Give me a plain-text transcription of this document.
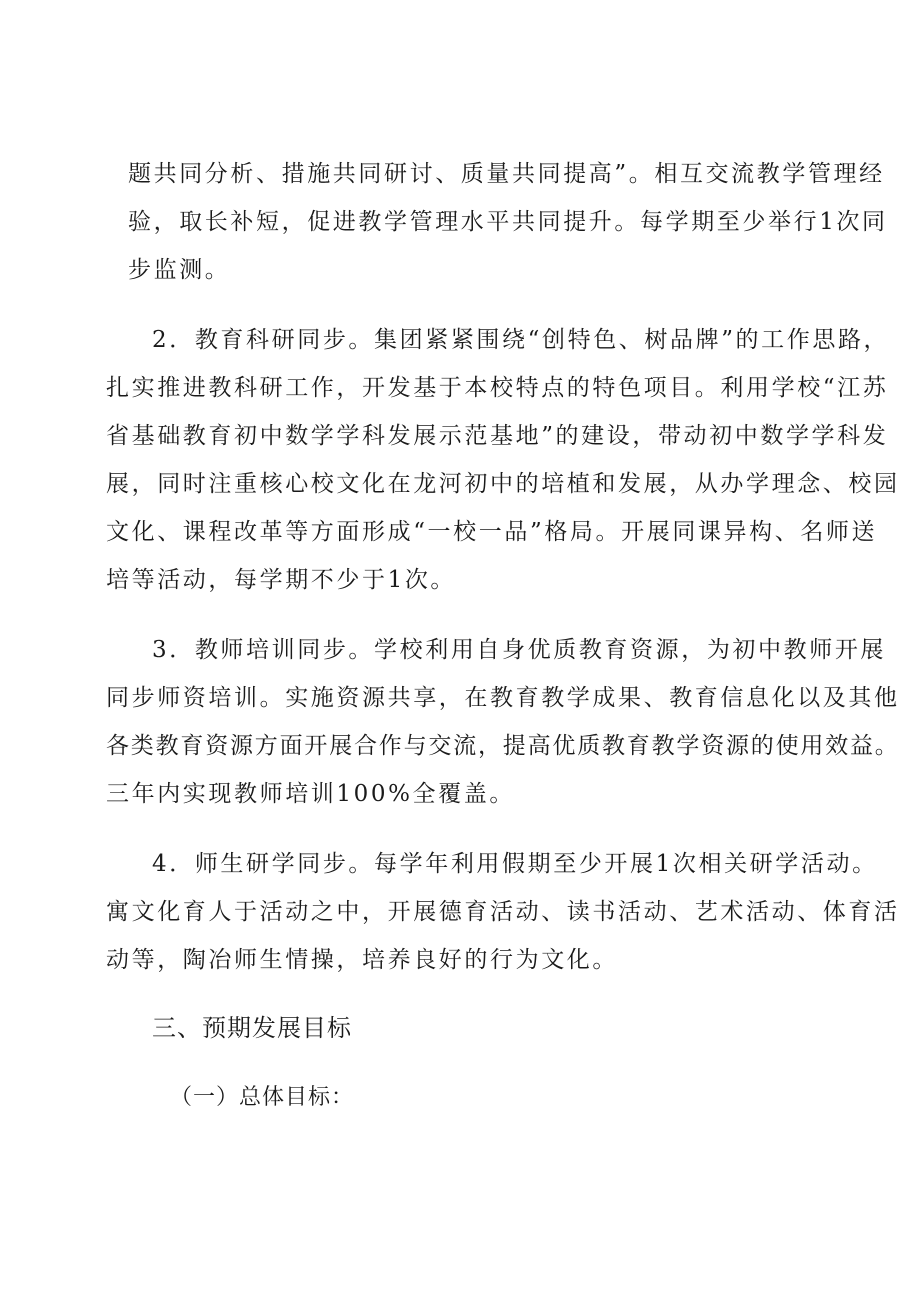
题共同分析、措施共同研讨、质量共同提高”。相互交流教学管理经
验，取长补短，促进教学管理水平共同提升。每学期至少举行1次同
步监测。
2．教育科研同步。集团紧紧围绕“创特色、树品牌”的工作思路，
扎实推进教科研工作，开发基于本校特点的特色项目。利用学校“江苏
省基础教育初中数学学科发展示范基地”的建设，带动初中数学学科发
展，同时注重核心校文化在龙河初中的培植和发展，从办学理念、校园
文化、课程改革等方面形成“一校一品”格局。开展同课异构、名师送
培等活动，每学期不少于1次。
3．教师培训同步。学校利用自身优质教育资源，为初中教师开展
同步师资培训。实施资源共享，在教育教学成果、教育信息化以及其他
各类教育资源方面开展合作与交流，提高优质教育教学资源的使用效益。
三年内实现教师培训100%全覆盖。
4．师生研学同步。每学年利用假期至少开展1次相关研学活动。
寓文化育人于活动之中，开展德育活动、读书活动、艺术活动、体育活
动等，陶冶师生情操，培养良好的行为文化。
三、预期发展目标
（一）总体目标：
